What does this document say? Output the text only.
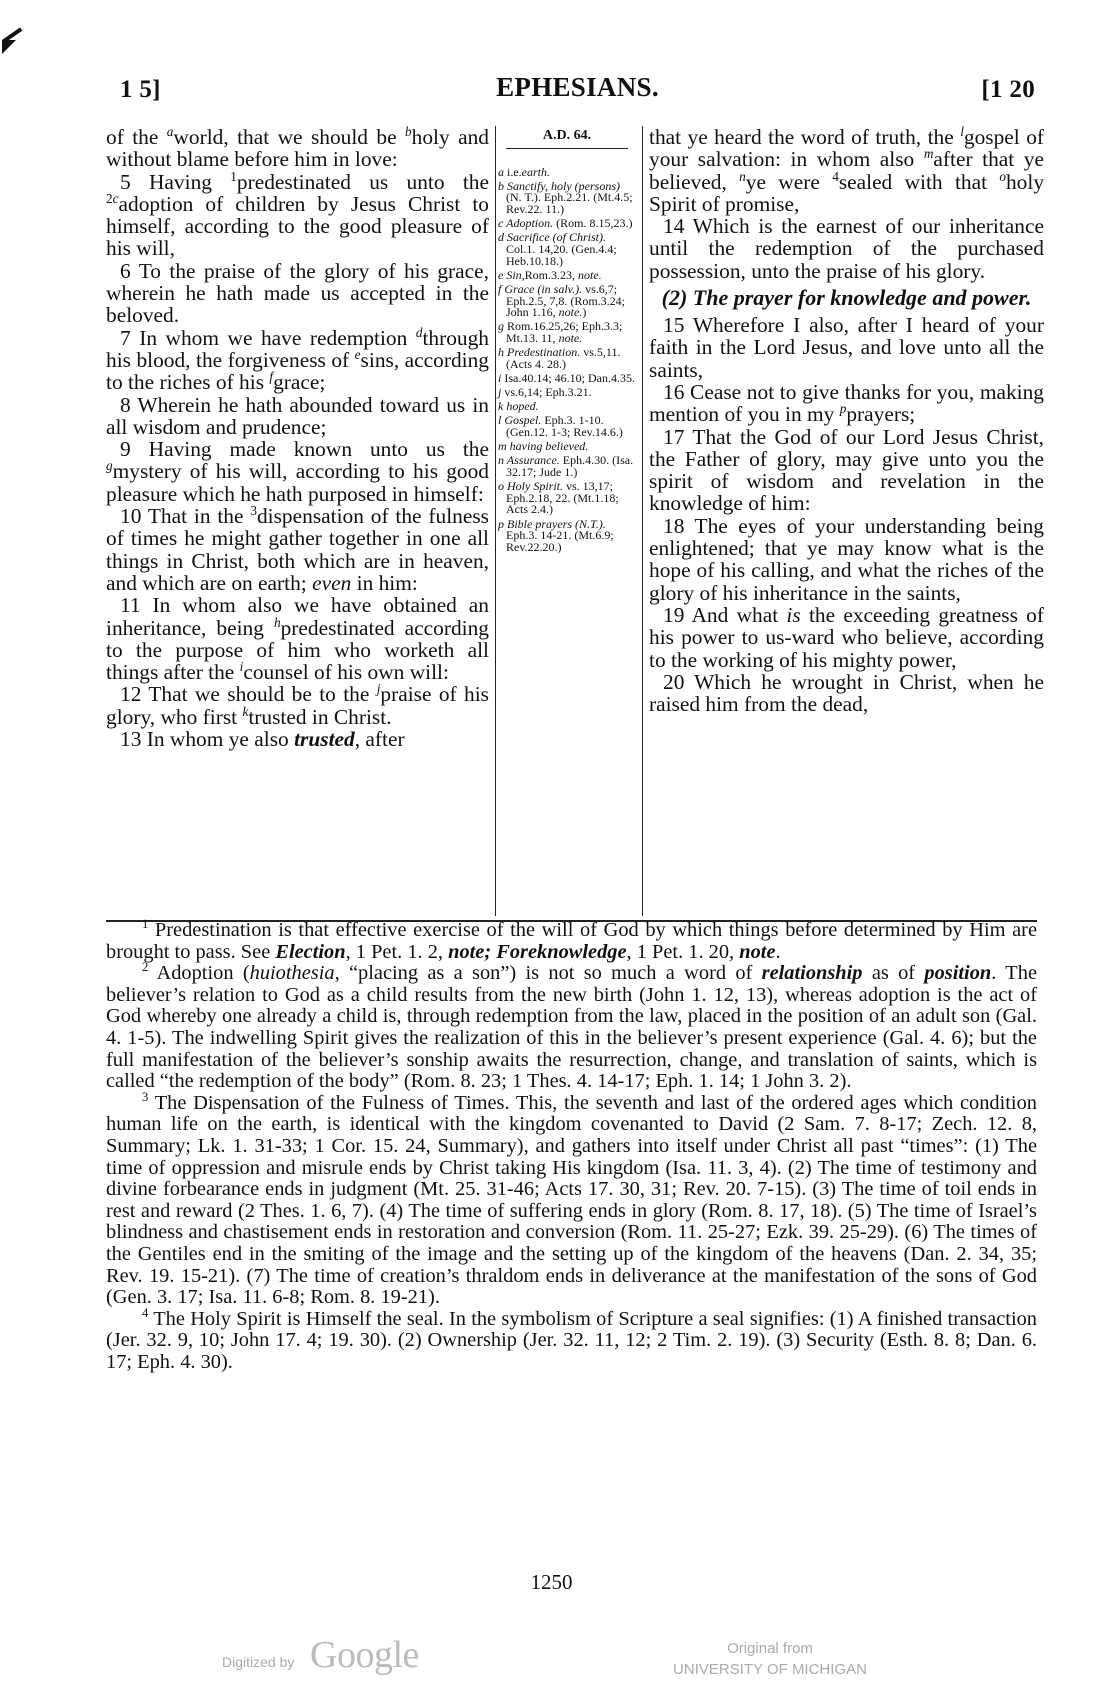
1 5]	EPHESIANS.	[1 20

of the $^a$world, that we should be $^b$holy and without blame before him in love:

5 Having $^1$predestinated us unto the $^{2c}$adoption of children by Jesus Christ to himself, according to the good pleasure of his will,

6 To the praise of the glory of his grace, wherein he hath made us accepted in the beloved.

7 In whom we have redemption $^d$through his blood, the forgiveness of $^e$sins, according to the riches of his $^f$grace;

8 Wherein he hath abounded toward us in all wisdom and prudence;

9 Having made known unto us the $^g$mystery of his will, according to his good pleasure which he hath purposed in himself:

10 That in the $^3$dispensation of the fulness of times he might gather together in one all things in Christ, both which are in heaven, and which are on earth; even in him:

11 In whom also we have obtained an inheritance, being $^h$predestinated according to the purpose of him who worketh all things after the $^i$counsel of his own will:

12 That we should be to the $^j$praise of his glory, who first $^k$trusted in Christ.

13 In whom ye also trusted, after

A.D. 64.

a i.e.earth.

b Sanctify, holy (persons) (N. T.). Eph.2.21. (Mt.4.5; Rev.22. 11.)

c Adoption. (Rom. 8.15,23.)

d Sacrifice (of Christ). Col.1. 14,20. (Gen.4.4; Heb.10.18.)

e Sin,Rom.3.23, note.

f Grace (in salv.). vs.6,7; Eph.2.5, 7,8. (Rom.3.24; John 1.16, note.)

g Rom.16.25,26; Eph.3.3; Mt.13. 11, note.

h Predestination. vs.5,11. (Acts 4. 28.)

i Isa.40.14; 46.10; Dan.4.35.

j vs.6,14; Eph.3.21.

k hoped.

l Gospel. Eph.3. 1-10. (Gen.12. 1-3; Rev.14.6.)

m having believed.

n Assurance. Eph.4.30. (Isa. 32.17; Jude 1.)

o Holy Spirit. vs. 13,17; Eph.2.18, 22. (Mt.1.18; Acts 2.4.)

p Bible prayers (N.T.). Eph.3. 14-21. (Mt.6.9; Rev.22.20.)

that ye heard the word of truth, the $^l$gospel of your salvation: in whom also $^m$after that ye believed, $^n$ye were $^4$sealed with that $^o$holy Spirit of promise,

14 Which is the earnest of our inheritance until the redemption of the purchased possession, unto the praise of his glory.

(2) The prayer for knowledge and power.

15 Wherefore I also, after I heard of your faith in the Lord Jesus, and love unto all the saints,

16 Cease not to give thanks for you, making mention of you in my $^p$prayers;

17 That the God of our Lord Jesus Christ, the Father of glory, may give unto you the spirit of wisdom and revelation in the knowledge of him:

18 The eyes of your understanding being enlightened; that ye may know what is the hope of his calling, and what the riches of the glory of his inheritance in the saints,

19 And what is the exceeding greatness of his power to us-ward who believe, according to the working of his mighty power,

20 Which he wrought in Christ, when he raised him from the dead,

$^1$ Predestination is that effective exercise of the will of God by which things before determined by Him are brought to pass. See Election, 1 Pet. 1. 2, note; Foreknowledge, 1 Pet. 1. 20, note.

$^2$ Adoption (huiothesia, “placing as a son”) is not so much a word of relationship as of position. The believer’s relation to God as a child results from the new birth (John 1. 12, 13), whereas adoption is the act of God whereby one already a child is, through redemption from the law, placed in the position of an adult son (Gal. 4. 1-5). The indwelling Spirit gives the realization of this in the believer’s present experience (Gal. 4. 6); but the full manifestation of the believer’s sonship awaits the resurrection, change, and translation of saints, which is called “the redemption of the body” (Rom. 8. 23; 1 Thes. 4. 14-17; Eph. 1. 14; 1 John 3. 2).

$^3$ The Dispensation of the Fulness of Times. This, the seventh and last of the ordered ages which condition human life on the earth, is identical with the kingdom covenanted to David (2 Sam. 7. 8-17; Zech. 12. 8, Summary; Lk. 1. 31-33; 1 Cor. 15. 24, Summary), and gathers into itself under Christ all past “times”: (1) The time of oppression and misrule ends by Christ taking His kingdom (Isa. 11. 3, 4). (2) The time of testimony and divine forbearance ends in judgment (Mt. 25. 31-46; Acts 17. 30, 31; Rev. 20. 7-15). (3) The time of toil ends in rest and reward (2 Thes. 1. 6, 7). (4) The time of suffering ends in glory (Rom. 8. 17, 18). (5) The time of Israel’s blindness and chastisement ends in restoration and conversion (Rom. 11. 25-27; Ezk. 39. 25-29). (6) The times of the Gentiles end in the smiting of the image and the setting up of the kingdom of the heavens (Dan. 2. 34, 35; Rev. 19. 15-21). (7) The time of creation’s thraldom ends in deliverance at the manifestation of the sons of God (Gen. 3. 17; Isa. 11. 6-8; Rom. 8. 19-21).

$^4$ The Holy Spirit is Himself the seal. In the symbolism of Scripture a seal signifies: (1) A finished transaction (Jer. 32. 9, 10; John 17. 4; 19. 30). (2) Ownership (Jer. 32. 11, 12; 2 Tim. 2. 19). (3) Security (Esth. 8. 8; Dan. 6. 17; Eph. 4. 30).

1250
Digitized by Google	Original from
UNIVERSITY OF MICHIGAN
